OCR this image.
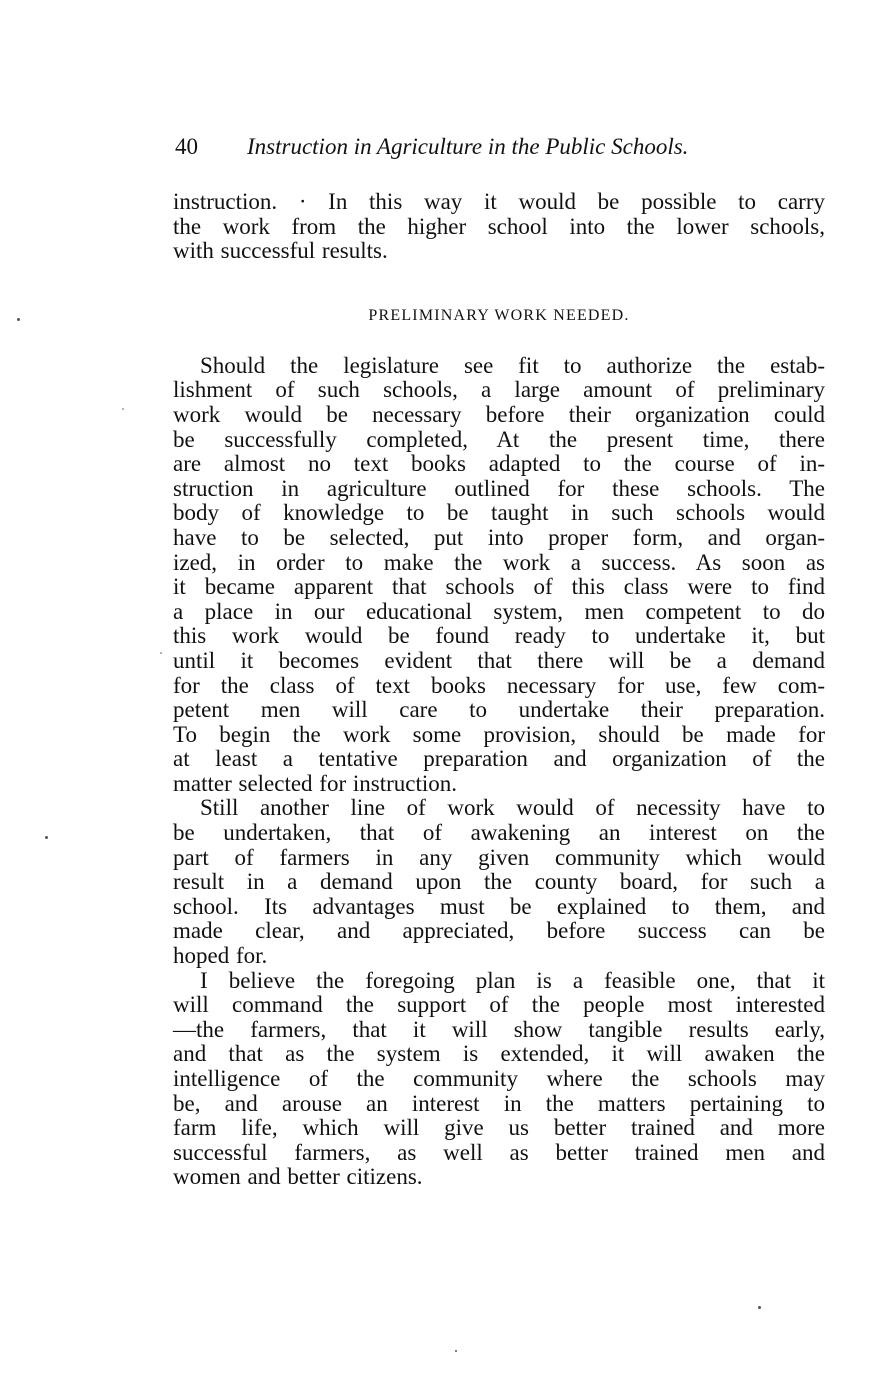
40 Instruction in Agriculture in the Public Schools.
instruction. · In this way it would be possible to carry
the work from the higher school into the lower schools,
with successful results.
PRELIMINARY WORK NEEDED.
Should the legislature see fit to authorize the estab-
lishment of such schools, a large amount of preliminary
work would be necessary before their organization could
be successfully completed, At the present time, there
are almost no text books adapted to the course of in-
struction in agriculture outlined for these schools. The
body of knowledge to be taught in such schools would
have to be selected, put into proper form, and organ-
ized, in order to make the work a success. As soon as
it became apparent that schools of this class were to find
a place in our educational system, men competent to do
this work would be found ready to undertake it, but
until it becomes evident that there will be a demand
for the class of text books necessary for use, few com-
petent men will care to undertake their preparation.
To begin the work some provision, should be made for
at least a tentative preparation and organization of the
matter selected for instruction.
Still another line of work would of necessity have to
be undertaken, that of awakening an interest on the
part of farmers in any given community which would
result in a demand upon the county board, for such a
school. Its advantages must be explained to them, and
made clear, and appreciated, before success can be
hoped for.
I believe the foregoing plan is a feasible one, that it
will command the support of the people most interested
—the farmers, that it will show tangible results early,
and that as the system is extended, it will awaken the
intelligence of the community where the schools may
be, and arouse an interest in the matters pertaining to
farm life, which will give us better trained and more
successful farmers, as well as better trained men and
women and better citizens.
